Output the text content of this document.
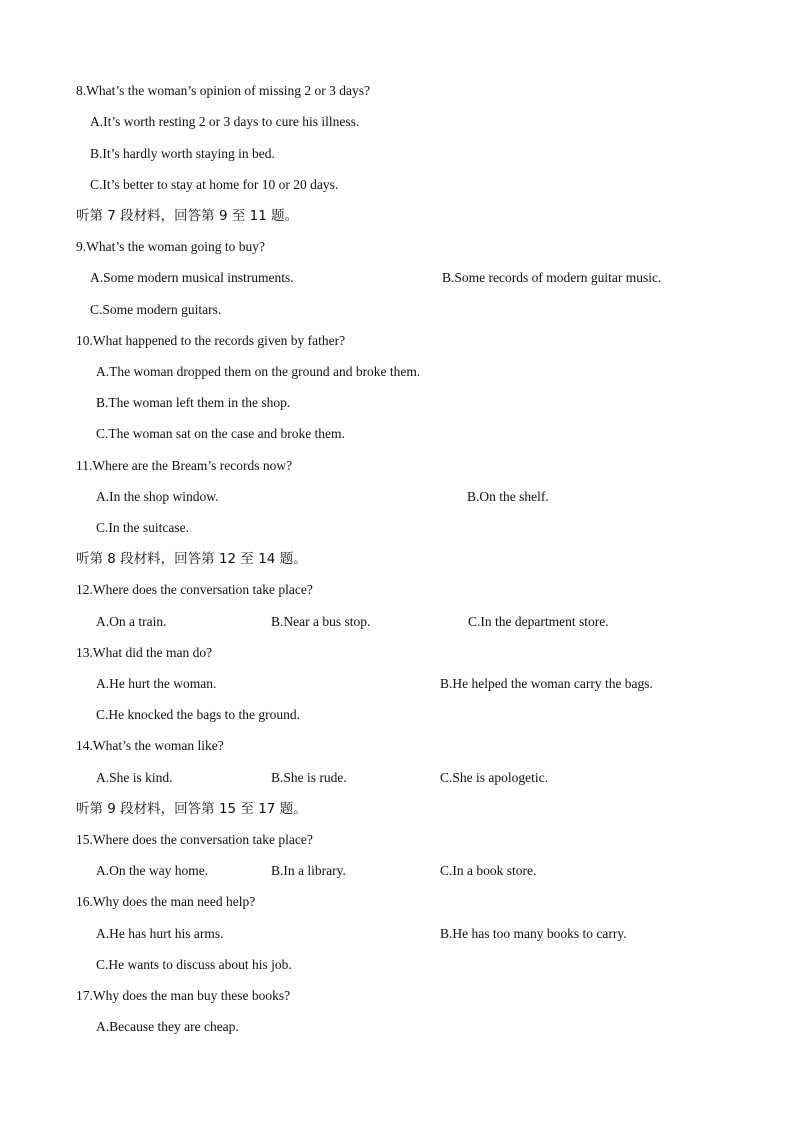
8.What’s the woman’s opinion of missing 2 or 3 days?
A.It’s worth resting 2 or 3 days to cure his illness.
B.It’s hardly worth staying in bed.
C.It’s better to stay at home for 10 or 20 days.
听第 7 段材料，回答第 9 至 11 题。
9.What’s the woman going to buy?
A.Some modern musical instruments.	B.Some records of modern guitar music.
C.Some modern guitars.
10.What happened to the records given by father?
A.The woman dropped them on the ground and broke them.
B.The woman left them in the shop.
C.The woman sat on the case and broke them.
11.Where are the Bream’s records now?
A.In the shop window.	B.On the shelf.
C.In the suitcase.
听第 8 段材料，回答第 12 至 14 题。
12.Where does the conversation take place?
A.On a train.	B.Near a bus stop.	C.In the department store.
13.What did the man do?
A.He hurt the woman.	B.He helped the woman carry the bags.
C.He knocked the bags to the ground.
14.What’s the woman like?
A.She is kind.	B.She is rude.	C.She is apologetic.
听第 9 段材料，回答第 15 至 17 题。
15.Where does the conversation take place?
A.On the way home.	B.In a library.	C.In a book store.
16.Why does the man need help?
A.He has hurt his arms.	B.He has too many books to carry.
C.He wants to discuss about his job.
17.Why does the man buy these books?
A.Because they are cheap.
